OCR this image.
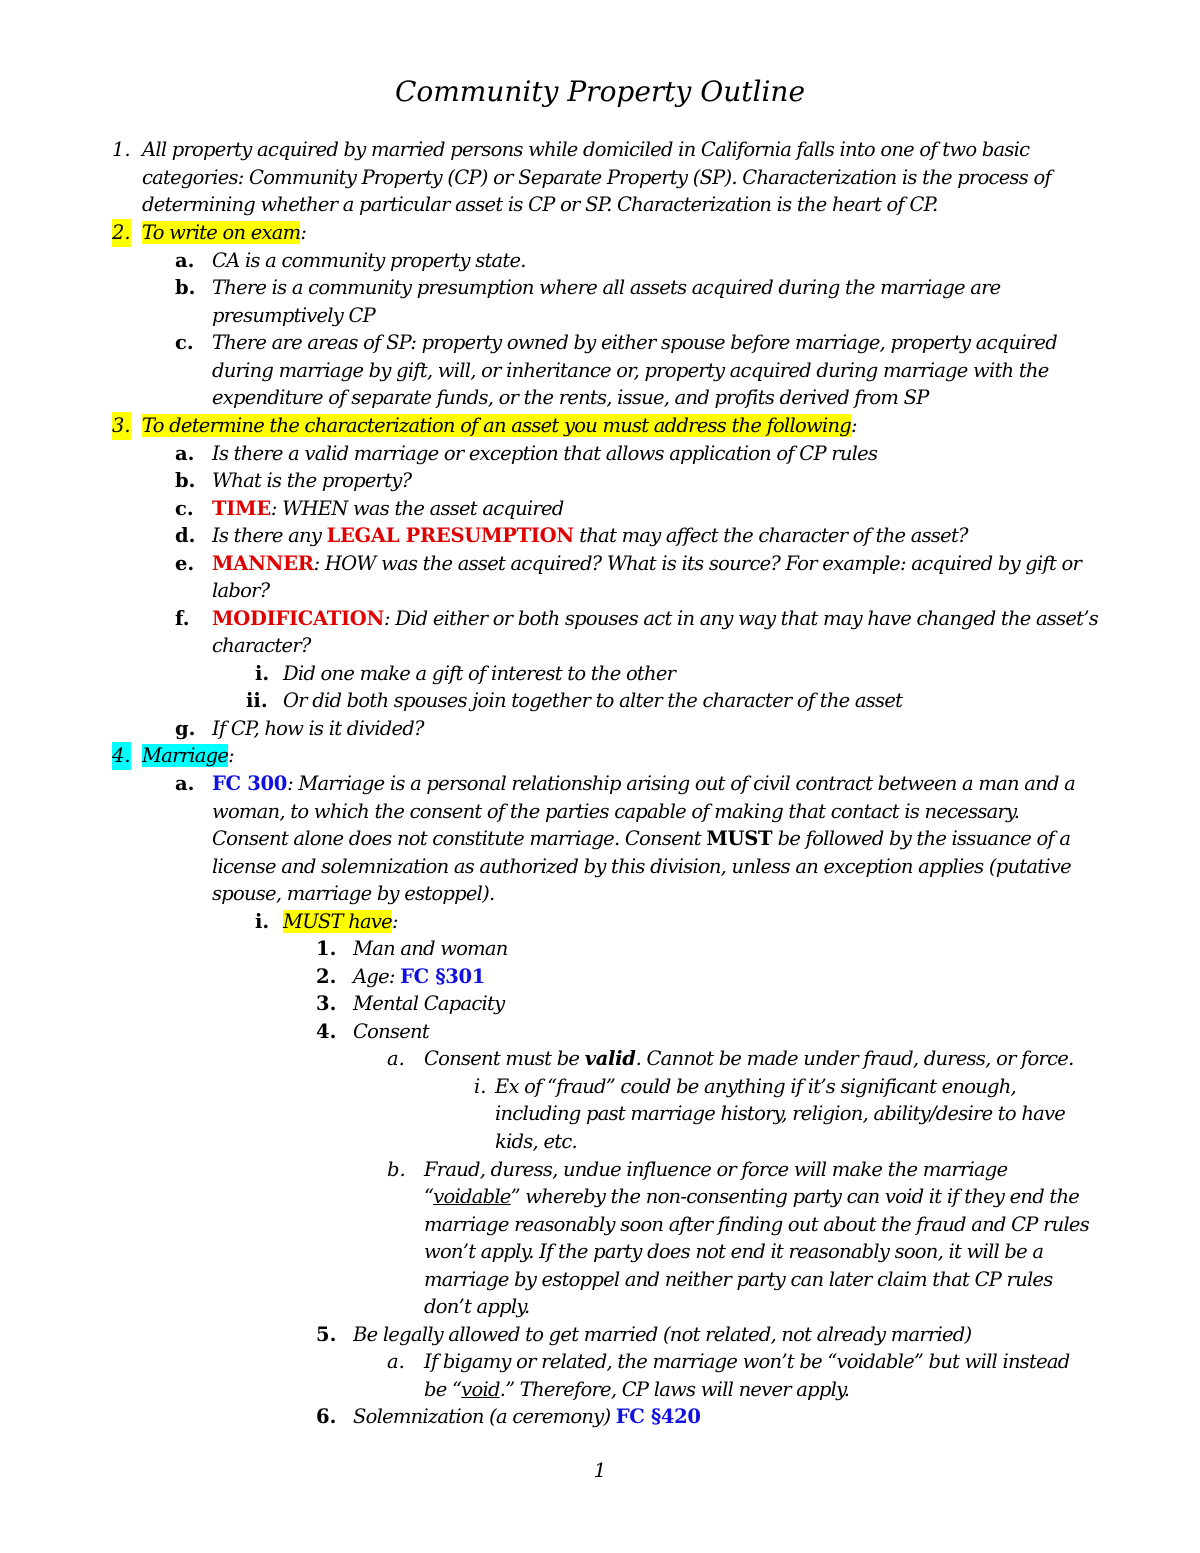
Community Property Outline
1. All property acquired by married persons while domiciled in California falls into one of two basic
categories: Community Property (CP) or Separate Property (SP). Characterization is the process of
determining whether a particular asset is CP or SP. Characterization is the heart of CP.
2. To write on exam:
a. CA is a community property state.
b. There is a community presumption where all assets acquired during the marriage are
presumptively CP
c. There are areas of SP: property owned by either spouse before marriage, property acquired
during marriage by gift, will, or inheritance or, property acquired during marriage with the
expenditure of separate funds, or the rents, issue, and profits derived from SP
3. To determine the characterization of an asset you must address the following:
a. Is there a valid marriage or exception that allows application of CP rules
b. What is the property?
c. TIME: WHEN was the asset acquired
d. Is there any LEGAL PRESUMPTION that may affect the character of the asset?
e. MANNER: HOW was the asset acquired? What is its source? For example: acquired by gift or
labor?
f. MODIFICATION: Did either or both spouses act in any way that may have changed the asset’s
character?
i. Did one make a gift of interest to the other
ii. Or did both spouses join together to alter the character of the asset
g. If CP, how is it divided?
4. Marriage:
a. FC 300: Marriage is a personal relationship arising out of civil contract between a man and a
woman, to which the consent of the parties capable of making that contact is necessary.
Consent alone does not constitute marriage. Consent MUST be followed by the issuance of a
license and solemnization as authorized by this division, unless an exception applies (putative
spouse, marriage by estoppel).
i. MUST have:
1. Man and woman
2. Age: FC §301
3. Mental Capacity
4. Consent
a. Consent must be valid. Cannot be made under fraud, duress, or force.
i. Ex of “fraud” could be anything if it’s significant enough,
including past marriage history, religion, ability/desire to have
kids, etc.
b. Fraud, duress, undue influence or force will make the marriage
“voidable” whereby the non-consenting party can void it if they end the
marriage reasonably soon after finding out about the fraud and CP rules
won’t apply. If the party does not end it reasonably soon, it will be a
marriage by estoppel and neither party can later claim that CP rules
don’t apply.
5. Be legally allowed to get married (not related, not already married)
a. If bigamy or related, the marriage won’t be “voidable” but will instead
be “void.” Therefore, CP laws will never apply.
6. Solemnization (a ceremony) FC §420
1
